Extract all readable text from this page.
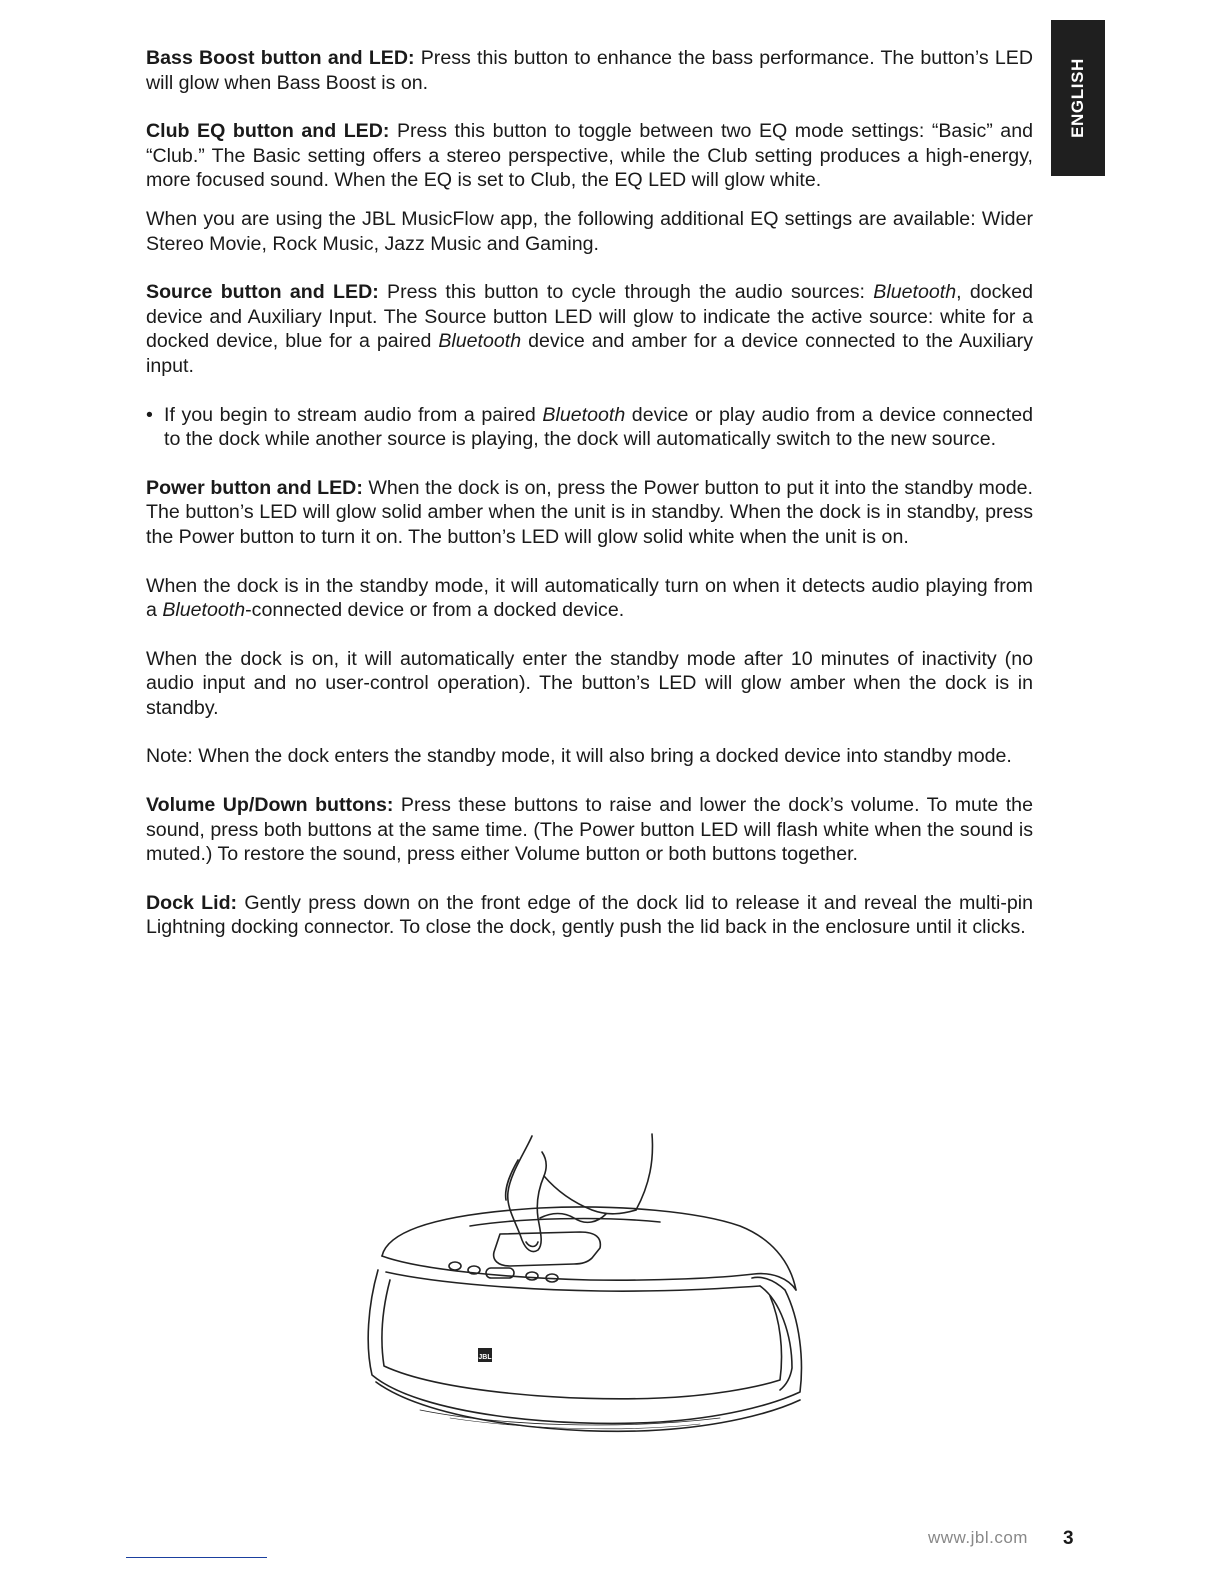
ENGLISH

Bass Boost button and LED: Press this button to enhance the bass performance. The button’s LED will glow when Bass Boost is on.

Club EQ button and LED: Press this button to toggle between two EQ mode settings: “Basic” and “Club.” The Basic setting offers a stereo perspective, while the Club setting produces a high-energy, more focused sound. When the EQ is set to Club, the EQ LED will glow white.

When you are using the JBL MusicFlow app, the following additional EQ settings are available: Wider Stereo Movie, Rock Music, Jazz Music and Gaming.

Source button and LED: Press this button to cycle through the audio sources: Bluetooth, docked device and Auxiliary Input. The Source button LED will glow to indicate the active source: white for a docked device, blue for a paired Bluetooth device and amber for a device connected to the Auxiliary input.

• If you begin to stream audio from a paired Bluetooth device or play audio from a device connected to the dock while another source is playing, the dock will automatically switch to the new source.

Power button and LED: When the dock is on, press the Power button to put it into the standby mode. The button’s LED will glow solid amber when the unit is in standby. When the dock is in standby, press the Power button to turn it on. The button’s LED will glow solid white when the unit is on.

When the dock is in the standby mode, it will automatically turn on when it detects audio playing from a Bluetooth-connected device or from a docked device.

When the dock is on, it will automatically enter the standby mode after 10 minutes of inactivity (no audio input and no user-control operation). The button’s LED will glow amber when the dock is in standby.

Note: When the dock enters the standby mode, it will also bring a docked device into standby mode.

Volume Up/Down buttons: Press these buttons to raise and lower the dock’s volume. To mute the sound, press both buttons at the same time. (The Power button LED will flash white when the sound is muted.) To restore the sound, press either Volume button or both buttons together.

Dock Lid: Gently press down on the front edge of the dock lid to release it and reveal the multi-pin Lightning docking connector. To close the dock, gently push the lid back in the enclosure until it clicks.

JBL
www.jbl.com 3
